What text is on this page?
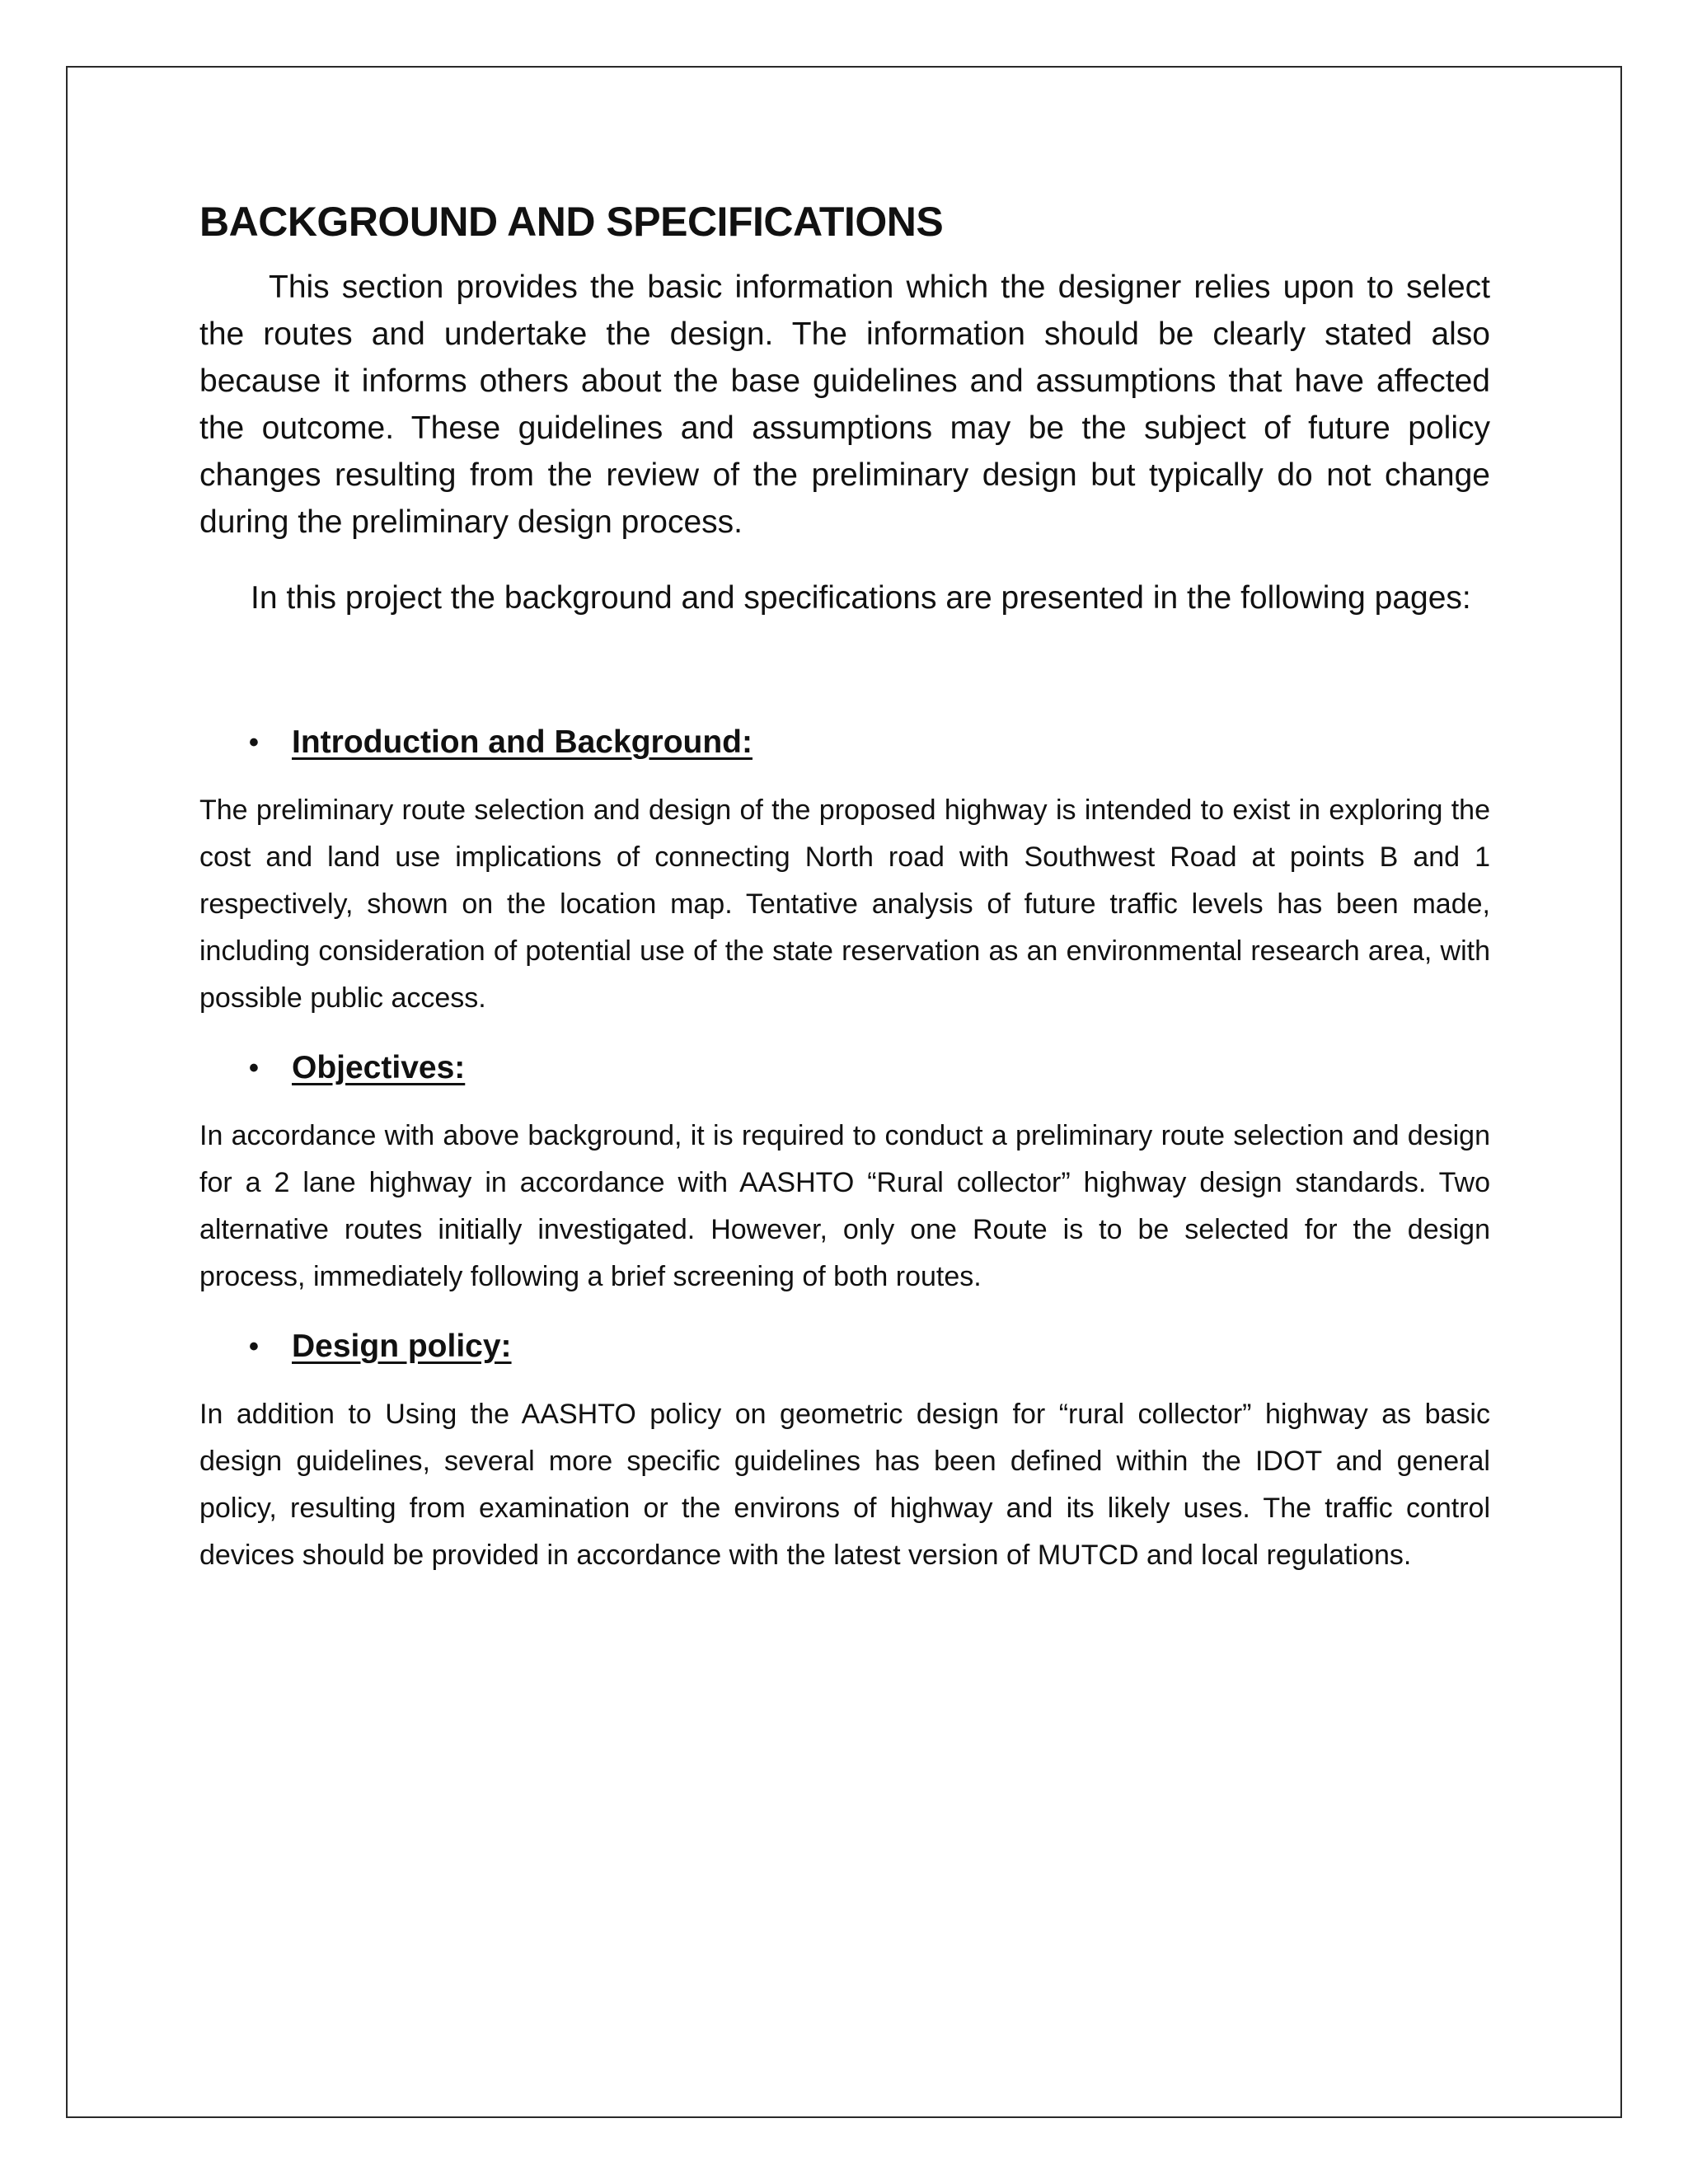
BACKGROUND AND SPECIFICATIONS

This section provides the basic information which the designer relies upon to select the routes and undertake the design. The information should be clearly stated also because it informs others about the base guidelines and assumptions that have affected the outcome. These guidelines and assumptions may be the subject of future policy changes resulting from the review of the preliminary design but typically do not change during the preliminary design process.

In this project the background and specifications are presented in the following pages:

•	Introduction and Background:

The preliminary route selection and design of the proposed highway is intended to exist in exploring the cost and land use implications of connecting North road with Southwest Road at points B and 1 respectively, shown on the location map. Tentative analysis of future traffic levels has been made, including consideration of potential use of the state reservation as an environmental research area, with possible public access.

•	Objectives:

In accordance with above background, it is required to conduct a preliminary route selection and design for a 2 lane highway in accordance with AASHTO “Rural collector” highway design standards. Two alternative routes initially investigated. However, only one Route is to be selected for the design process, immediately following a brief screening of both routes.

•	Design policy:

In addition to Using the AASHTO policy on geometric design for “rural collector” highway as basic design guidelines, several more specific guidelines has been defined within the IDOT and general policy, resulting from examination or the environs of highway and its likely uses. The traffic control devices should be provided in accordance with the latest version of MUTCD and local regulations.
